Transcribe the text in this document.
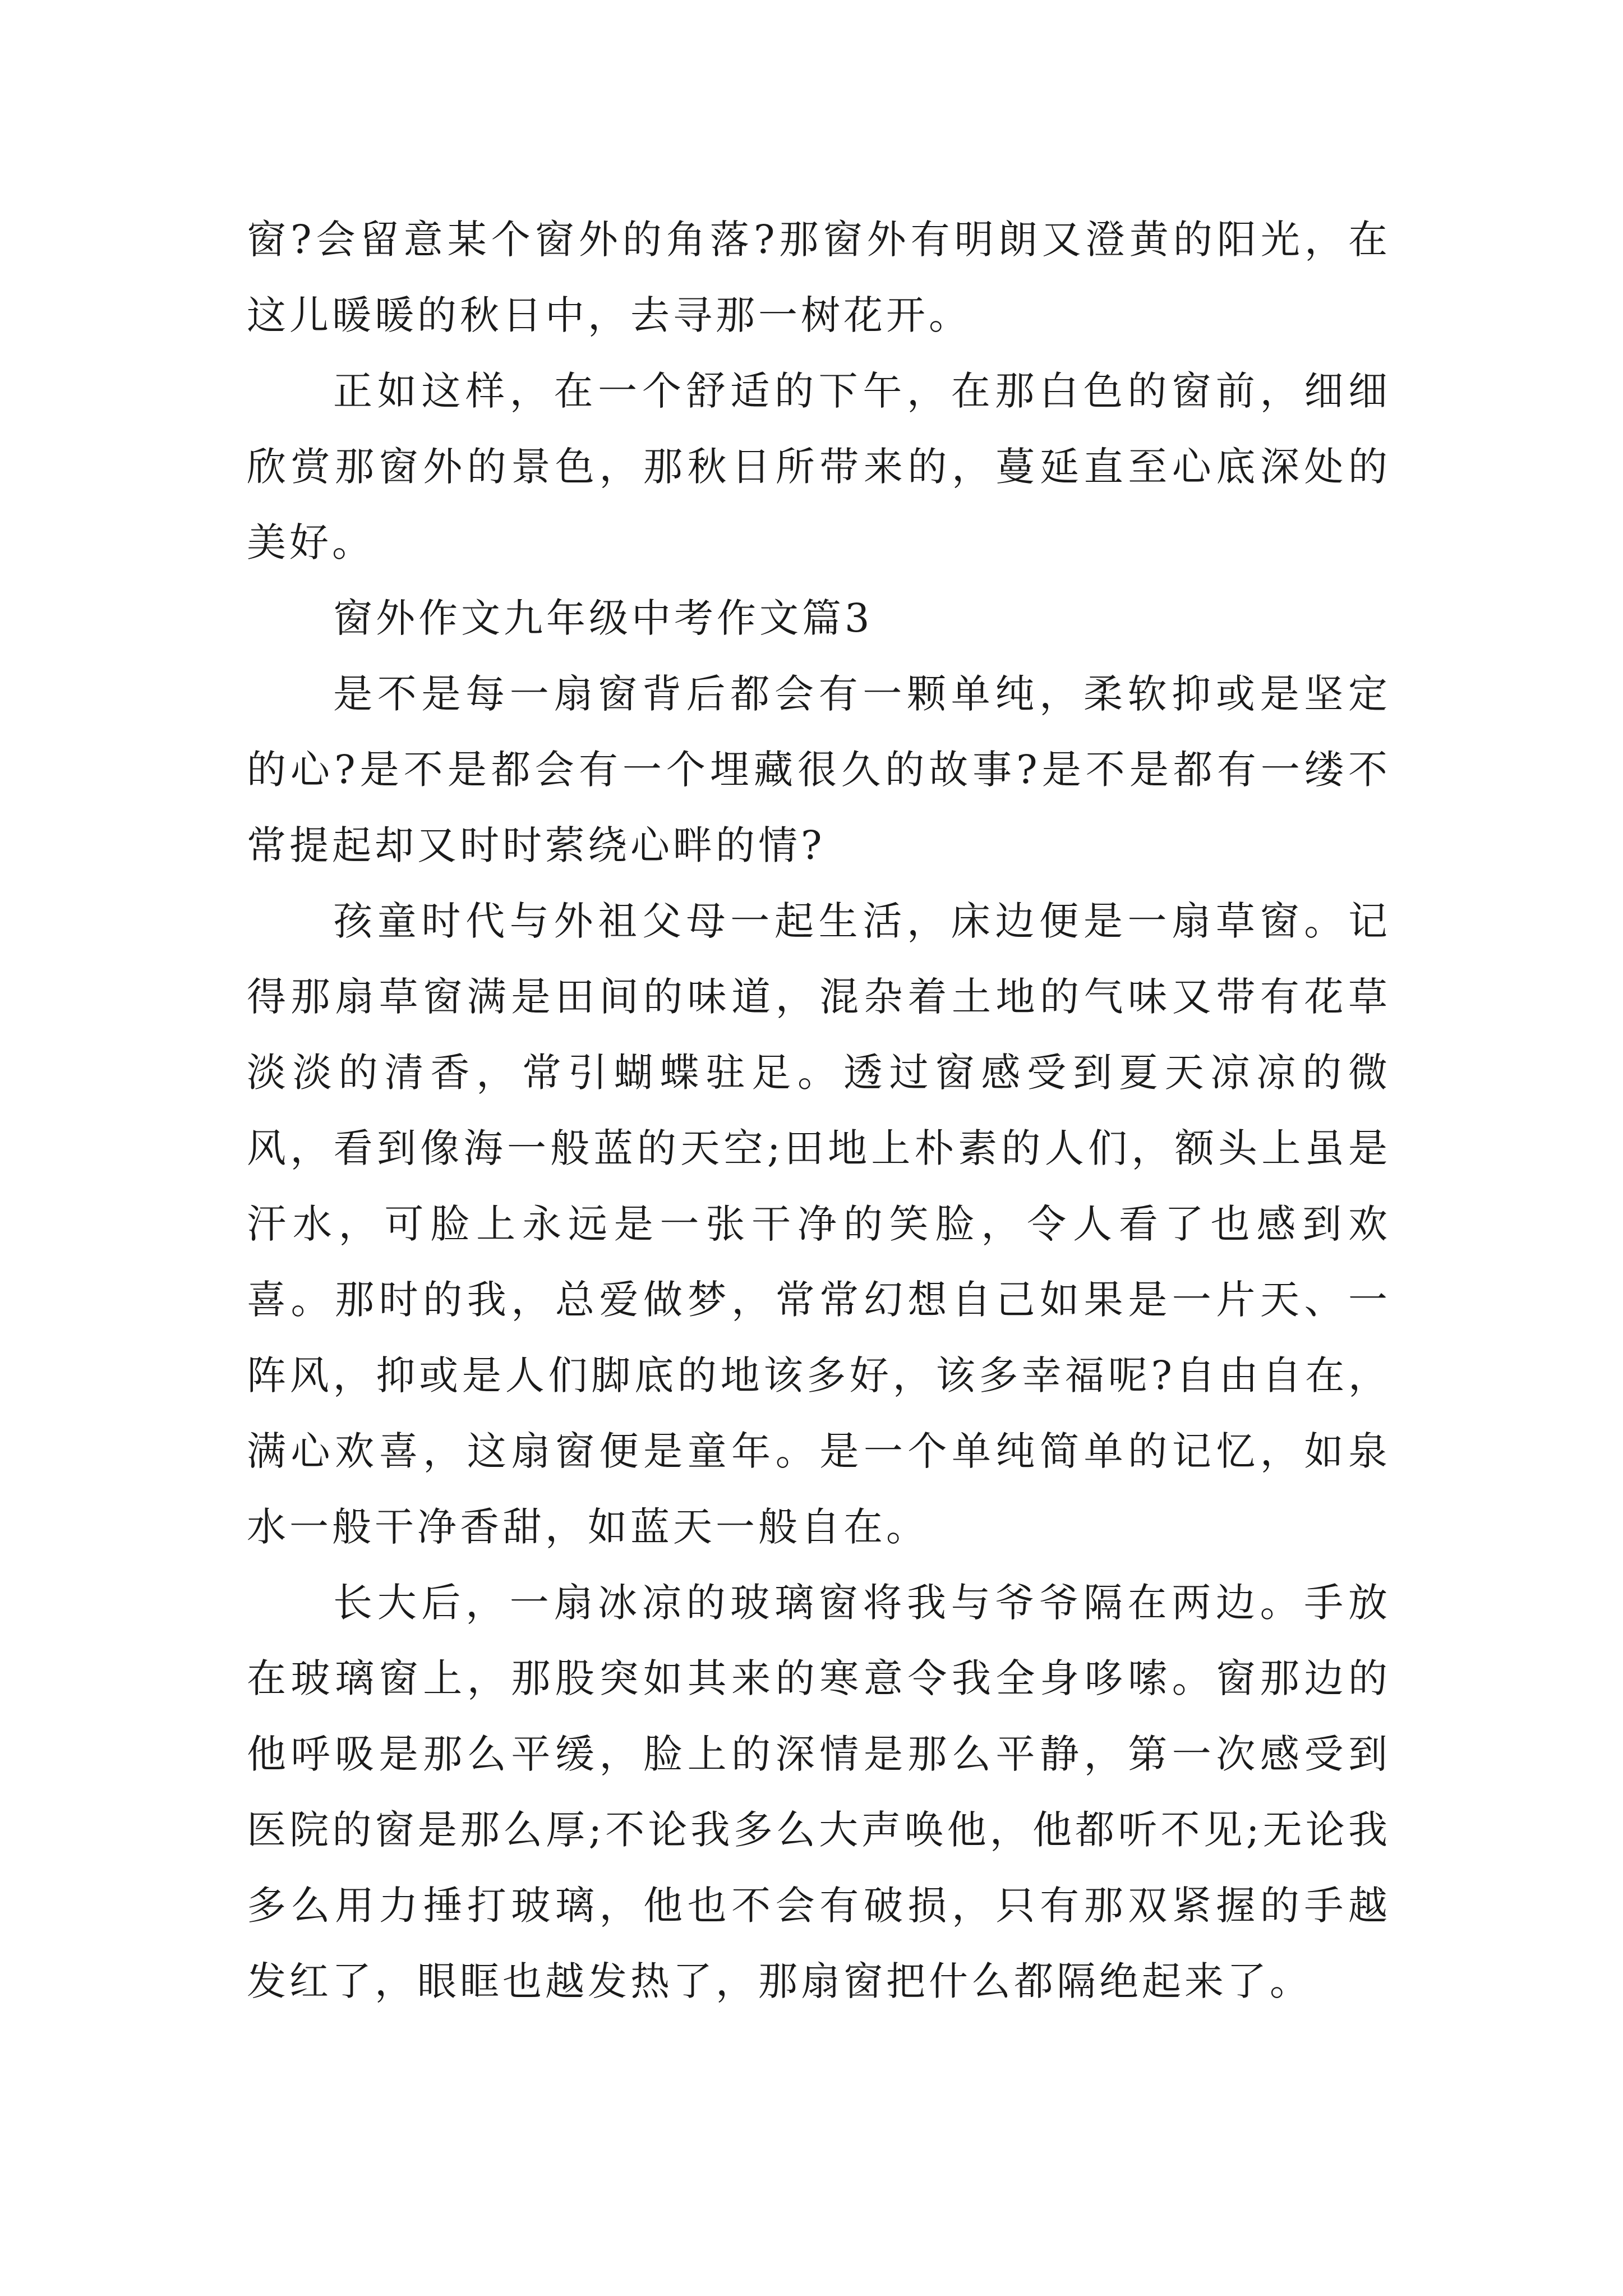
窗?会留意某个窗外的角落?那窗外有明朗又澄黄的阳光，在这儿暖暖的秋日中，去寻那一树花开。

正如这样，在一个舒适的下午，在那白色的窗前，细细欣赏那窗外的景色，那秋日所带来的，蔓延直至心底深处的美好。

窗外作文九年级中考作文篇3

是不是每一扇窗背后都会有一颗单纯，柔软抑或是坚定的心?是不是都会有一个埋藏很久的故事?是不是都有一缕不常提起却又时时萦绕心畔的情?

孩童时代与外祖父母一起生活，床边便是一扇草窗。记得那扇草窗满是田间的味道，混杂着土地的气味又带有花草淡淡的清香，常引蝴蝶驻足。透过窗感受到夏天凉凉的微风，看到像海一般蓝的天空;田地上朴素的人们，额头上虽是汗水，可脸上永远是一张干净的笑脸，令人看了也感到欢喜。那时的我，总爱做梦，常常幻想自己如果是一片天、一阵风，抑或是人们脚底的地该多好，该多幸福呢?自由自在，满心欢喜，这扇窗便是童年。是一个单纯简单的记忆，如泉水一般干净香甜，如蓝天一般自在。

长大后，一扇冰凉的玻璃窗将我与爷爷隔在两边。手放在玻璃窗上，那股突如其来的寒意令我全身哆嗦。窗那边的他呼吸是那么平缓，脸上的深情是那么平静，第一次感受到医院的窗是那么厚;不论我多么大声唤他，他都听不见;无论我多么用力捶打玻璃，他也不会有破损，只有那双紧握的手越发红了，眼眶也越发热了，那扇窗把什么都隔绝起来了。
